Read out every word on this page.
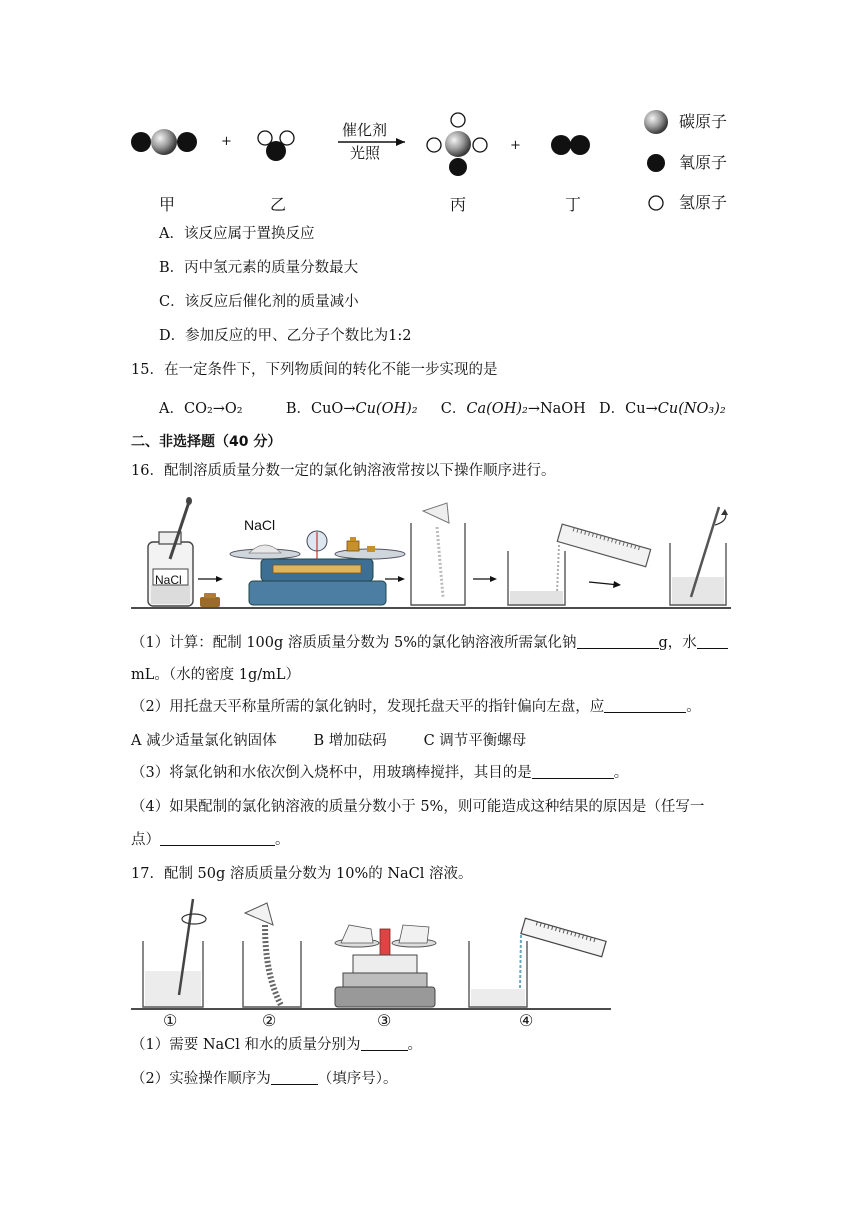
催化剂
光照
+	+
甲	乙	丙	丁
碳原子
氧原子
氢原子
A．该反应属于置换反应
B．丙中氢元素的质量分数最大
C．该反应后催化剂的质量减小
D．参加反应的甲、乙分子个数比为1:2
15．在一定条件下，下列物质间的转化不能一步实现的是
A．CO₂→O₂	B．CuO→Cu(OH)₂ C．Ca(OH)₂→NaOH D．Cu→Cu(NO₃)₂
二、非选择题（40 分）
16．配制溶质质量分数一定的氯化钠溶液常按以下操作顺序进行。
NaCl
NaCl
（1）计算：配制 100g 溶质质量分数为 5%的氯化钠溶液所需氯化钠	g，水
mL。（水的密度 1g/mL）
（2）用托盘天平称量所需的氯化钠时，发现托盘天平的指针偏向左盘，应	。
A 减少适量氯化钠固体        B 增加砝码        C 调节平衡螺母
（3）将氯化钠和水依次倒入烧杯中，用玻璃棒搅拌，其目的是	。
（4）如果配制的氯化钠溶液的质量分数小于 5%，则可能造成这种结果的原因是（任写一
点）	。
17．配制 50g 溶质质量分数为 10%的 NaCl 溶液。
①	②	③	④
（1）需要 NaCl 和水的质量分别为	。
（2）实验操作顺序为	（填序号）。
